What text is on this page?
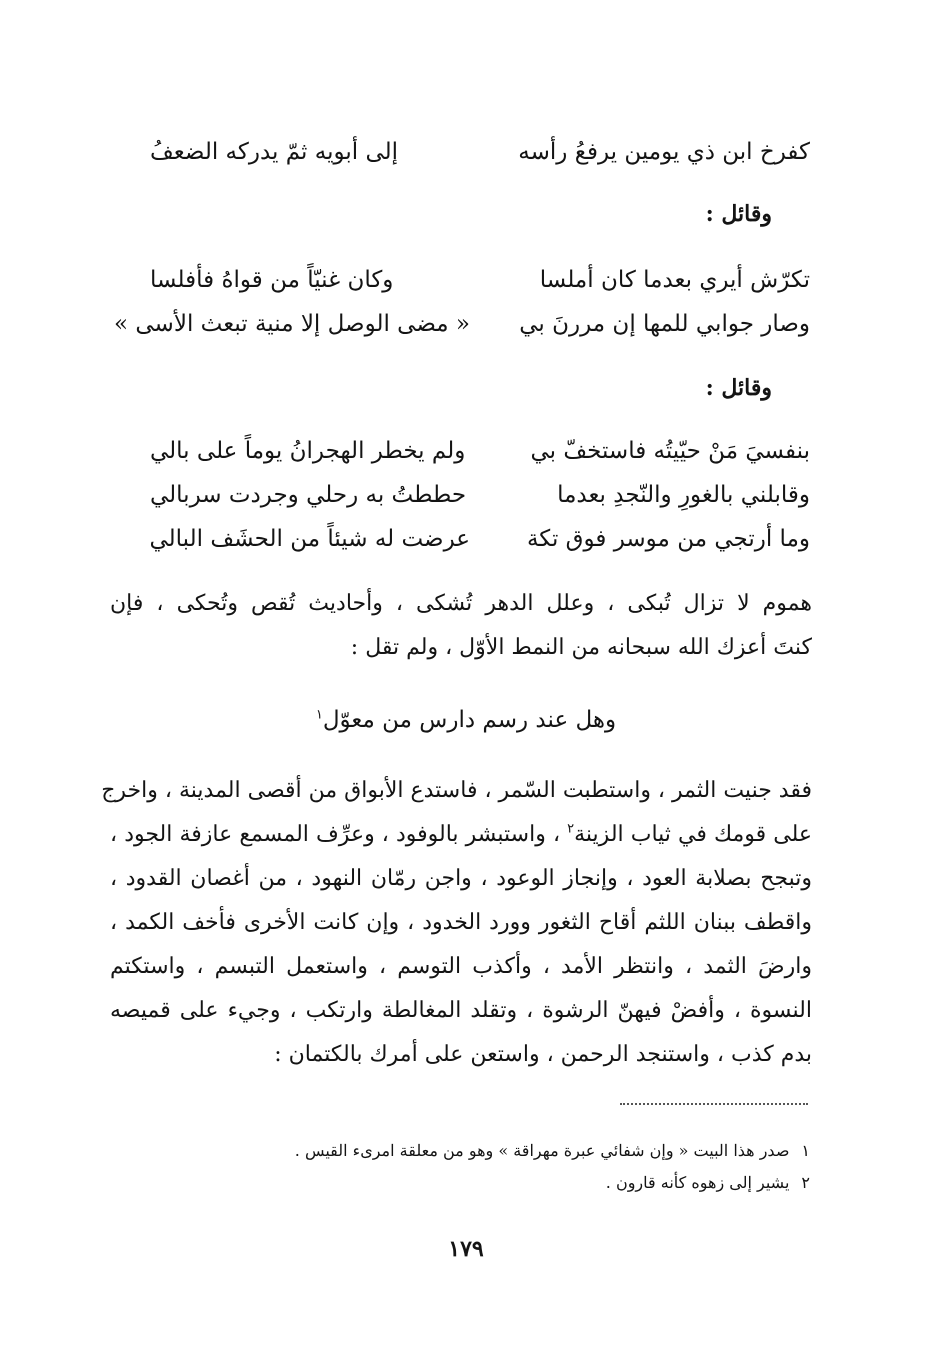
كفرخ ابن ذي يومين يرفعُ رأسه
إلى أبويه ثمّ يدركه الضعفُ
وقائل :
تكرّش أيري بعدما كان أملسا
وكان غنيّاً من قواهُ فأفلسا
وصار جوابي للمها إن مررنَ بي
« مضى الوصل إلا منية تبعث الأسى »
وقائل :
بنفسيَ مَنْ حيّيتُه فاستخفّ بي
ولم يخطر الهجرانُ يوماً على بالي
وقابلني بالغورِ والنّجدِ بعدما
حططتُ به رحلي وجردت سربالي
وما أرتجي من موسر فوق تكة
عرضت له شيئاً من الحشَف البالي
هموم لا تزال تُبكى ، وعلل الدهر تُشكى ، وأحاديث تُقص وتُحكى ، فإن
كنتَ أعزك الله سبحانه من النمط الأوّل ، ولم تقل :
وهل عند رسم دارس من معوّل$^١$
فقد جنيت الثمر ، واستطبت السّمر ، فاستدع الأبواق من أقصى المدينة ، واخرج
على قومك في ثياب الزينة$^٢$ ، واستبشر بالوفود ، وعرِّف المسمع عازفة الجود ،
وتبجح بصلابة العود ، وإنجاز الوعود ، واجن رمّان النهود ، من أغصان القدود ،
واقطف ببنان اللثم أقاح الثغور وورد الخدود ، وإن كانت الأخرى فأخف الكمد ،
وارضَ الثمد ، وانتظر الأمد ، وأكذب التوسم ، واستعمل التبسم ، واستكتم
النسوة ، وأفضْ فيهنّ الرشوة ، وتقلد المغالطة وارتكب ، وجيء على قميصه
بدم كذب ، واستنجد الرحمن ، واستعن على أمرك بالكتمان :
١صدر هذا البيت « وإن شفائي عبرة مهراقة » وهو من معلقة امرىء القيس .
٢يشير إلى زهوه كأنه قارون .
١٧٩
